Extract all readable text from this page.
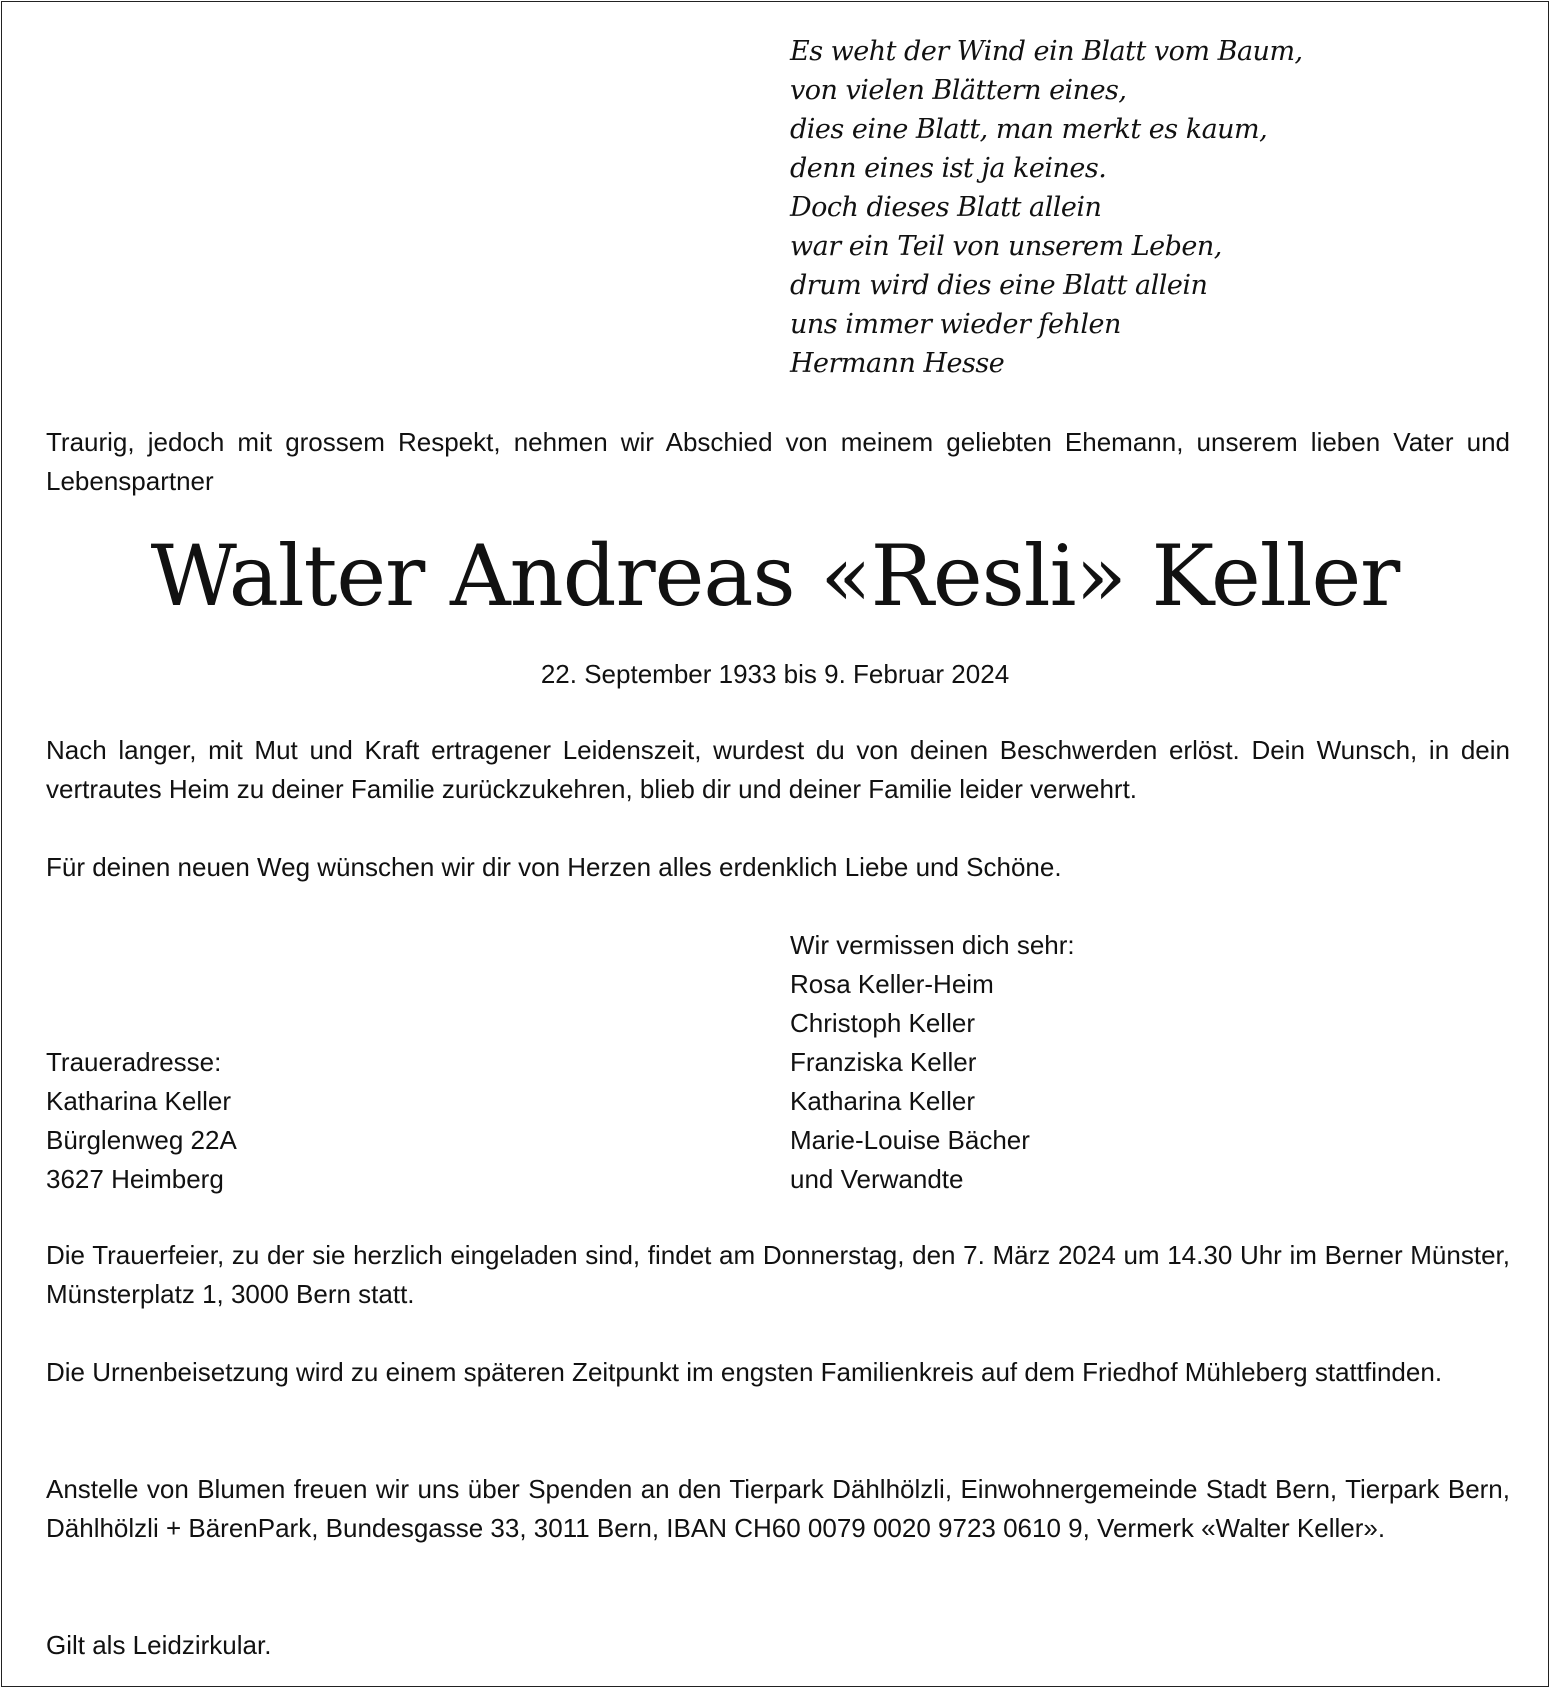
Es weht der Wind ein Blatt vom Baum,
von vielen Blättern eines,
dies eine Blatt, man merkt es kaum,
denn eines ist ja keines.
Doch dieses Blatt allein
war ein Teil von unserem Leben,
drum wird dies eine Blatt allein
uns immer wieder fehlen
Hermann Hesse
Traurig, jedoch mit grossem Respekt, nehmen wir Abschied von meinem geliebten Ehemann, unserem lieben Vater und Lebenspartner
Walter Andreas «Resli» Keller
22. September 1933 bis 9. Februar 2024
Nach langer, mit Mut und Kraft ertragener Leidenszeit, wurdest du von deinen Beschwerden erlöst. Dein Wunsch, in dein vertrautes Heim zu deiner Familie zurückzukehren, blieb dir und deiner Familie leider verwehrt.
Für deinen neuen Weg wünschen wir dir von Herzen alles erdenklich Liebe und Schöne.
Wir vermissen dich sehr:
Rosa Keller-Heim
Christoph Keller
Franziska Keller
Katharina Keller
Marie-Louise Bächer
und Verwandte
Traueradresse:
Katharina Keller
Bürglenweg 22A
3627 Heimberg
Die Trauerfeier, zu der sie herzlich eingeladen sind, findet am Donnerstag, den 7. März 2024 um 14.30 Uhr im Berner Münster, Münsterplatz 1, 3000 Bern statt.
Die Urnenbeisetzung wird zu einem späteren Zeitpunkt im engsten Familienkreis auf dem Friedhof Mühleberg stattfinden.
Anstelle von Blumen freuen wir uns über Spenden an den Tierpark Dählhölzli, Einwohnergemeinde Stadt Bern, Tierpark Bern, Dählhölzli + BärenPark, Bundesgasse 33, 3011 Bern, IBAN CH60 0079 0020 9723 0610 9, Vermerk «Walter Keller».
Gilt als Leidzirkular.
